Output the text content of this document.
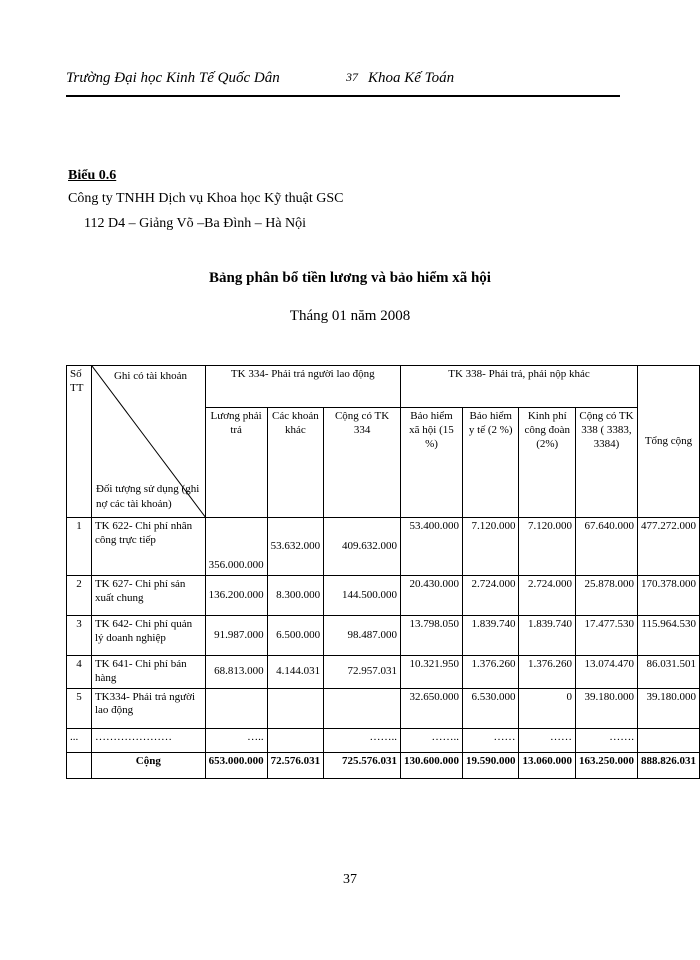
Trường Đại học Kinh Tế Quốc Dân	37 Khoa Kế Toán
Biểu 0.6
Công ty TNHH Dịch vụ Khoa học Kỹ thuật GSC
112 D4 – Giảng Võ –Ba Đình – Hà Nội
Bảng phân bổ tiền lương và bảo hiểm xã hội
Tháng 01 năm 2008
Số TT	Ghi có tài khoản
Đối tượng sử dụng (ghi nợ các tài khoản)	TK 334- Phải trả người lao động			TK 338- Phải trả, phải nộp khác				Tổng cộng
		Lương phải trả	Các khoản khác	Cộng có TK 334	Bảo hiểm xã hội (15 %)	Bảo hiểm y tế (2 %)	Kinh phí công đoàn (2%)	Cộng có TK 338 ( 3383, 3384)	
1	TK 622- Chi phí nhân công trực tiếp	356.000.000	53.632.000	409.632.000	53.400.000	7.120.000	7.120.000	67.640.000	477.272.000
2	TK 627- Chi phí sản xuất chung	136.200.000	8.300.000	144.500.000	20.430.000	2.724.000	2.724.000	25.878.000	170.378.000
3	TK 642- Chi phí quản lý doanh nghiệp	91.987.000	6.500.000	98.487.000	13.798.050	1.839.740	1.839.740	17.477.530	115.964.530
4	TK 641- Chi phí bán hàng	68.813.000	4.144.031	72.957.031	10.321.950	1.376.260	1.376.260	13.074.470	86.031.501
5	TK334- Phải trả người lao động				32.650.000	6.530.000	0	39.180.000	39.180.000
...	…………………	…..		……..	……..	……	……	…….	
	Cộng	653.000.000	72.576.031	725.576.031	130.600.000	19.590.000	13.060.000	163.250.000	888.826.031
37
